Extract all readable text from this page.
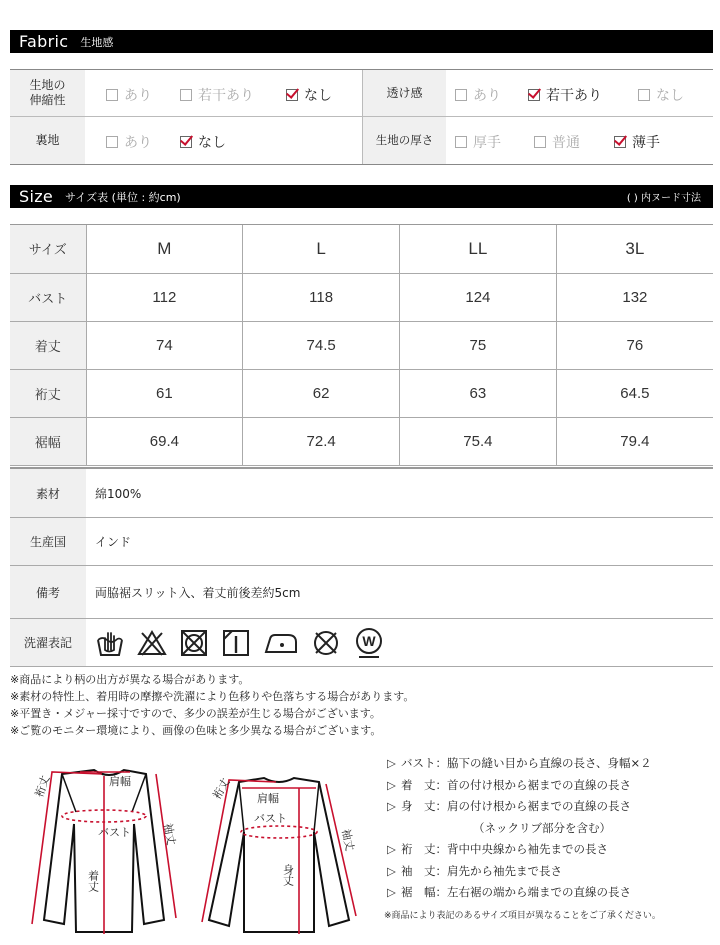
Fabric 生地感
生地の
伸縮性	あり	若干あり	なし	透け感	あり	若干あり	なし
裏地	あり	なし	生地の厚さ	厚手	普通	薄手
Size サイズ表 (単位 : 約cm)	( ) 内ヌード寸法
サイズ	M	L	LL	3L
バスト	112	118	124	132
着丈	74	74.5	75	76
裄丈	61	62	63	64.5
裾幅	69.4	72.4	75.4	79.4
素材	綿100%
生産国	インド
備考	両脇裾スリット入、着丈前後差約5cm
洗濯表記	W
※商品により柄の出方が異なる場合があります。
※素材の特性上、着用時の摩擦や洗濯により色移りや色落ちする場合があります。
※平置き・メジャー採寸ですので、多少の誤差が生じる場合がございます。
※ご覧のモニター環境により、画像の色味と多少異なる場合がございます。
裄丈	肩幅
バスト
着丈
袖丈
裄丈 肩幅
バスト
身丈
袖丈
▷ バスト：脇下の縫い目から直線の長さ、身幅×２
▷ 着　丈：首の付け根から裾までの直線の長さ
▷ 身　丈：肩の付け根から裾までの直線の長さ
（ネックリブ部分を含む）
▷ 裄　丈：背中中央線から袖先までの長さ
▷ 袖　丈：肩先から袖先まで長さ
▷ 裾　幅：左右裾の端から端までの直線の長さ
※商品により表記のあるサイズ項目が異なることをご了承ください。
